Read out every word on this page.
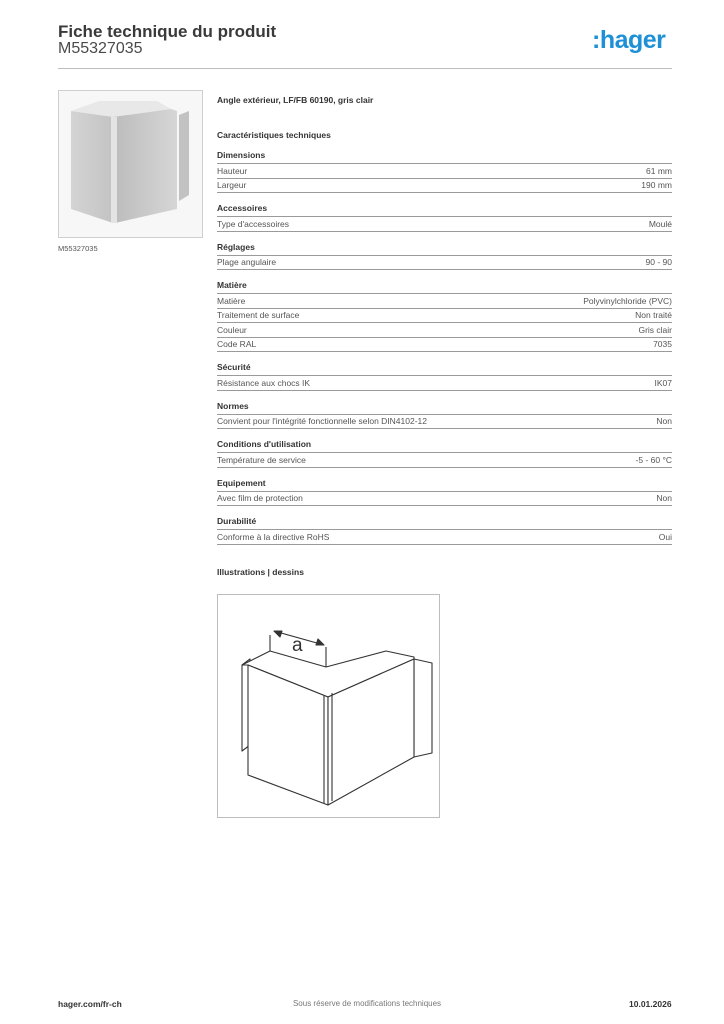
Fiche technique du produit
M55327035	:hager
M55327035
Angle extérieur, LF/FB 60190, gris clair
Caractéristiques techniques
Dimensions
Hauteur	61 mm
Largeur	190 mm
Accessoires
Type d'accessoires	Moulé
Réglages
Plage angulaire	90 - 90
Matière
Matière	Polyvinylchloride (PVC)
Traitement de surface	Non traité
Couleur	Gris clair
Code RAL	7035
Sécurité
Résistance aux chocs IK	IK07
Normes
Convient pour l'intégrité fonctionnelle selon DIN4102-12	Non
Conditions d'utilisation
Température de service	-5 - 60 °C
Equipement
Avec film de protection	Non
Durabilité
Conforme à la directive RoHS	Oui
Illustrations | dessins
a
hager.com/fr-ch	Sous réserve de modifications techniques	10.01.2026
